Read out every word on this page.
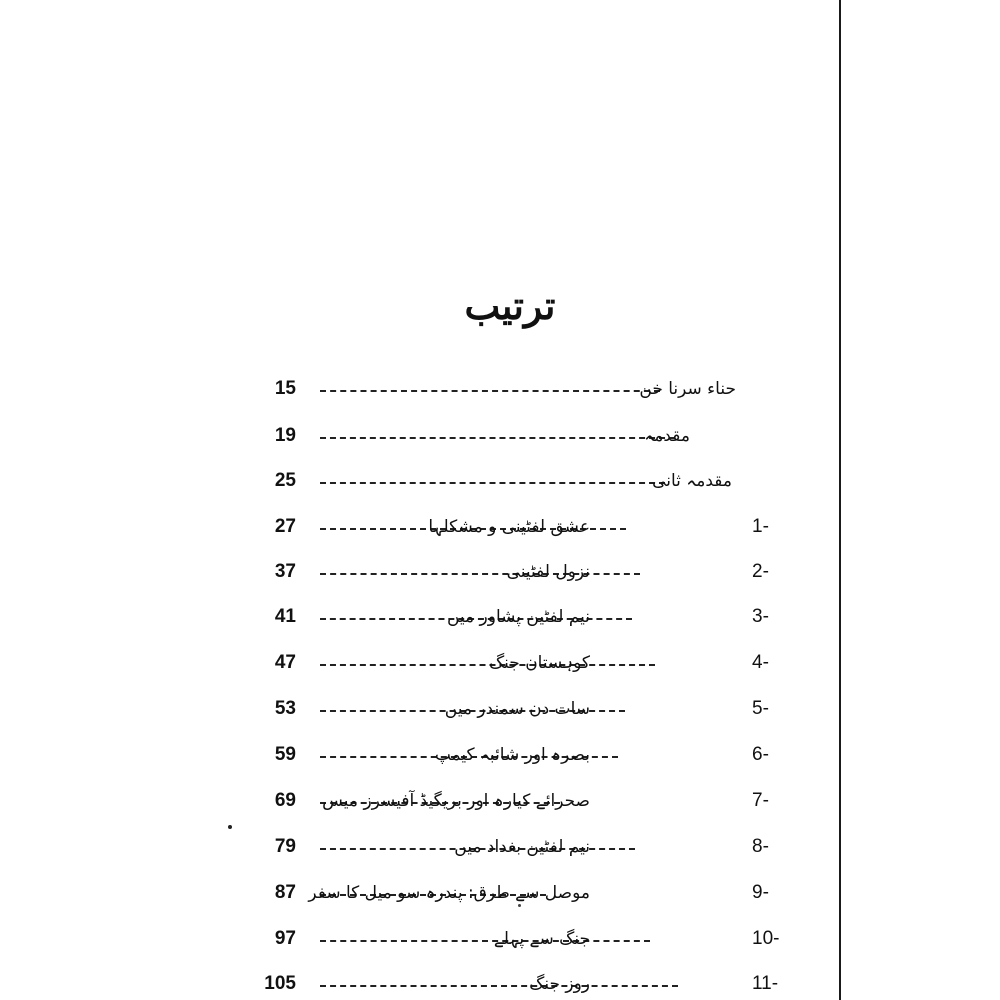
ترتیب
15	حناء سرنا خن
19	مقدمہ
25	مقدمہ ثانی
27	عشق لفٹینی و مشکلہا	1-
37	نزول لفٹینی	2-
41	نیم لفٹین پشاور میں	3-
47	کوہستان جنگ	4-
53	سات دن سمندر میں	5-
59	بصرہ اور شائبہ کیمپ	6-
69 صحرائے کیارہ اور بریگیڈ آفیسرز میس	7-
79	نیم لفٹین بغداد میں	8-
87 موصل سے طرق: پندرہ سو میل کا سفر	9-
97	جنگ سے پہلے	10-
105	روز جنگ	11-
